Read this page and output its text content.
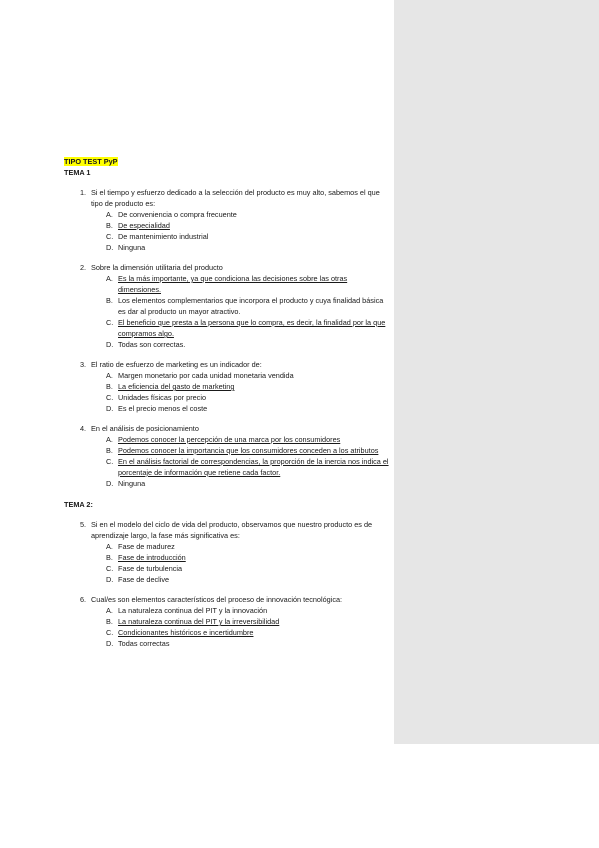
TIPO TEST PyP
TEMA 1
1. Si el tiempo y esfuerzo dedicado a la selección del producto es muy alto, sabemos el que tipo de producto es:
A. De conveniencia o compra frecuente
B. De especialidad
C. De mantenimiento industrial
D. Ninguna
2. Sobre la dimensión utilitaria del producto
A. Es la más importante, ya que condiciona las decisiones sobre las otras dimensiones.
B. Los elementos complementarios que incorpora el producto y cuya finalidad básica es dar al producto un mayor atractivo.
C. El beneficio que presta a la persona que lo compra, es decir, la finalidad por la que compramos algo.
D. Todas son correctas.
3. El ratio de esfuerzo de marketing es un indicador de:
A. Margen monetario por cada unidad monetaria vendida
B. La eficiencia del gasto de marketing
C. Unidades físicas por precio
D. Es el precio menos el coste
4. En el análisis de posicionamiento
A. Podemos conocer la percepción de una marca por los consumidores
B. Podemos conocer la importancia que los consumidores conceden a los atributos
C. En el análisis factorial de correspondencias, la proporción de la inercia nos indica el porcentaje de información que retiene cada factor.
D. Ninguna
TEMA 2:
5. Si en el modelo del ciclo de vida del producto, observamos que nuestro producto es de aprendizaje largo, la fase más significativa es:
A. Fase de madurez
B. Fase de introducción
C. Fase de turbulencia
D. Fase de declive
6. Cual/es son elementos característicos del proceso de innovación tecnológica:
A. La naturaleza continua del PIT y la innovación
B. La naturaleza continua del PIT y la irreversibilidad
C. Condicionantes históricos e incertidumbre
D. Todas correctas
